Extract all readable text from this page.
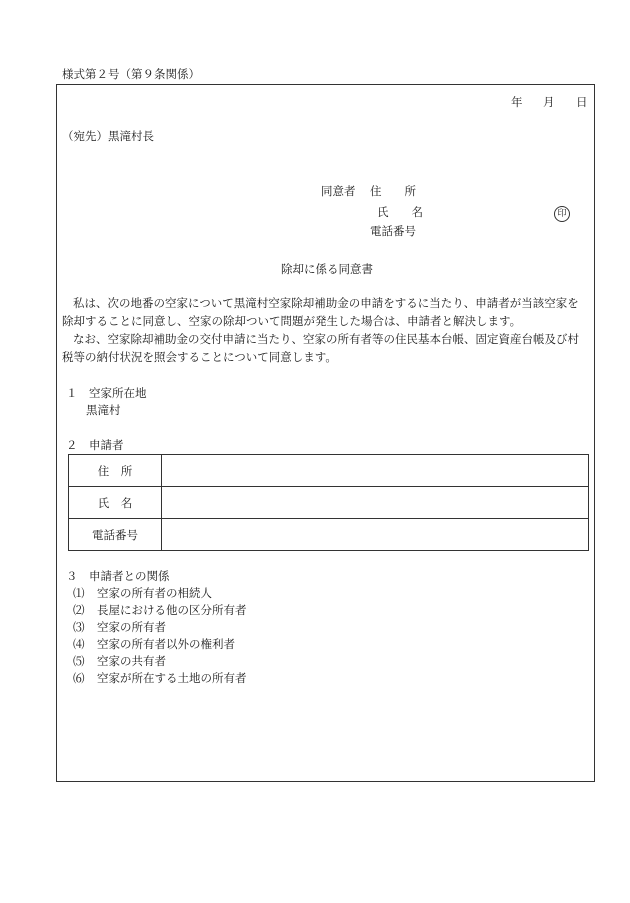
様式第２号（第９条関係）
年 月 日
（宛先）黒滝村長
同意者 住　　所
氏　　名	印
電話番号
除却に係る同意書
私は、次の地番の空家について黒滝村空家除却補助金の申請をするに当たり、申請者が当該空家を
除却することに同意し、空家の除却ついて問題が発生した場合は、申請者と解決します。
なお、空家除却補助金の交付申請に当たり、空家の所有者等の住民基本台帳、固定資産台帳及び村
税等の納付状況を照会することについて同意します。
１　空家所在地
黒滝村
２　申請者
住　所	
氏　名	
電話番号	
３　申請者との関係
⑴ 空家の所有者の相続人
⑵ 長屋における他の区分所有者
⑶ 空家の所有者
⑷ 空家の所有者以外の権利者
⑸ 空家の共有者
⑹ 空家が所在する土地の所有者
